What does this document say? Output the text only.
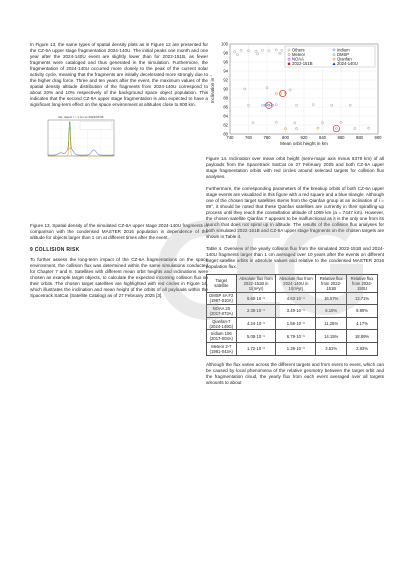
In Figure 13, the same types of spatial density plots as in Figure 12 are presented for the CZ-6A upper stage fragmentation 2024-140U. The initial peaks one month and one year after the 2024-140U event are slightly lower than for 2022-151B, as fewer fragments were cataloged and thus generated in the simulation. Furthermore, the fragmentation of 2024-140U occurred more closely to the peak of the current solar activity cycle, meaning that the fragments are initially decelerated more strongly due to the higher drag force. Three and ten years after the event, the maximum values of the spatial density altitude distribution of the fragments from 2024-140U correspond to about 20% and 10% respectively of the background space object population. This indicates that the second CZ-6A upper stage fragmentation is also expected to have a significant long-term effect on the space environment at altitudes close to 800 km.

Re. object r > 1 cm vs 2024/07/06

Figure 13. Spatial density of the simulated CZ-6A upper stage 2024-140U fragments in comparison with the condensed MASTER 2016 population in dependence of the altitude for objects larger than 1 cm at different times after the event.

9 COLLISION RISK

To further assess the long-term impact of the CZ-6A fragmentations on the space environment, the collision flux was determined within the same simulations conducted for Chapter 7 and 8. Satellites with different mean orbit heights and inclinations were chosen as example target objects, to calculate the expected incoming collision flux on their orbits. The chosen target satellites are highlighted with red circles in Figure 14, which illustrates the inclination and mean height of the orbits of all payloads within the Spacetrack SatCat (Satellite Catalog) as of 27 February 2025 [3].

740	760	780	800	820	840	860	880	900
80
82
84
86
88
90
92
94
96
98
100
Mean orbit height in km
Inclination in °
Others	Iridium
Meteor	DMSP
NOAA	Qianfan
2022-151B	2024-140U

Figure 14. Inclination over mean orbit height (semi-major axis minus 6378 km) of all payloads from the Spacetrack SatCat on 27 February 2025 and both CZ-6A upper stage fragmentation orbits with red circles around selected targets for collision flux analyses.

Furthermore, the corresponding parameters of the breakup orbits of both CZ-6A upper stage events are visualized in this figure with a red square and a blue triangle. Although one of the chosen target satellites stems from the Qianfan group at an inclination of i = 89°, it should be noted that these Qianfan satellites are currently in their spiralling-up process until they reach the constellation altitude of 1069 km (a = 7447 km). However, the chosen satellite Qianfan 7 appears to be malfunctional as it is the only one from its launch that does not spiral up in altitude. The results of the collision flux analyses for both simulated 2022-151B and CZ-6A upper stage fragments on the chosen targets are shown in Table 4.

Table 4. Overview of the yearly collision flux from the simulated 2022-151B and 2024-140U fragments larger than 1 cm averaged over 10 years after the events on different target satellite orbits in absolute values and relative to the condensed MASTER 2016 population flux.

Target satellite	Absolute flux from 2022-151B in 1/(m²yr)	Absolute flux from 2024-140U in 1/(m²yr)	Relative flux from 2022-151B	Relative flux from 2024-150U
DMSP 4A F2 (1967-010A)	5.60·10⁻⁶	4.63·10⁻⁶	16.57%	13.71%
NOAA 20 (2017-073A)	2.38·10⁻⁶	3.49·10⁻⁶	6.10%	8.90%
Qianfan-7 (2024-149G)	4.24·10⁻⁶	1.56·10⁻⁶	11.25%	4.17%
Iridium 106 (2017-003A)	5.08·10⁻⁶	6.79·10⁻⁶	14.15%	18.89%
Meteor 2-7 (1981-043A)	1.72·10⁻⁶	1.39·10⁻⁶	3.51%	2.83%

Although the flux varies across the different targets and from event to event, which can be caused by local phenomena of the relative geometry between the target orbit and the fragmentation cloud, the yearly flux from each event averaged over all targets amounts to about
